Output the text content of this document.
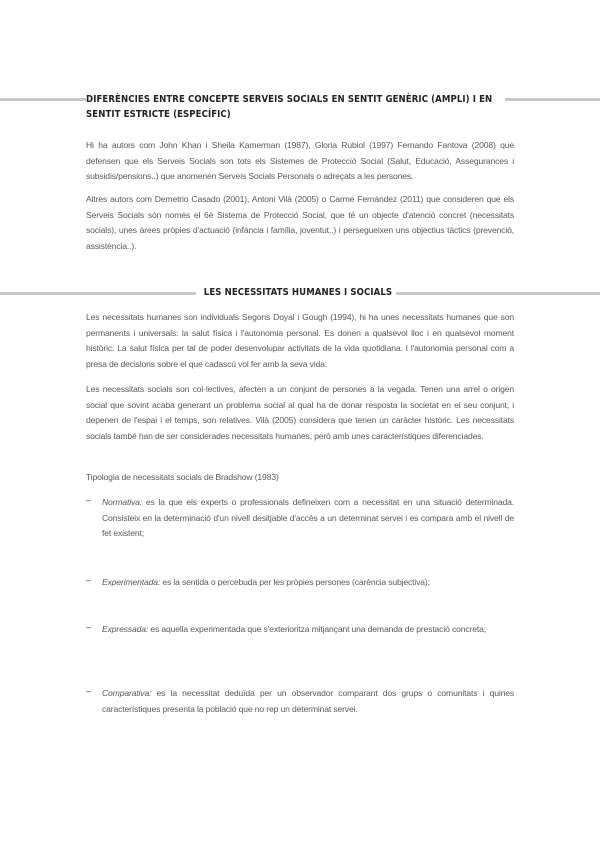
DIFERÈNCIES ENTRE CONCEPTE SERVEIS SOCIALS EN SENTIT GENÈRIC (AMPLI) I EN
SENTIT ESTRICTE (ESPECÍFIC)
Hi ha autors com John Khan i Sheila Kamerman (1987), Gloria Rubiol (1997) Fernando Fantova (2008) que defensen que els Serveis Socials son tots els Sistemes de Protecció Social (Salut, Educació, Assegurances i subsidis/pensions..) que anomenen Serveis Socials Personals o adreçats a les persones.
Altres autors com Demetrio Casado (2001), Antoni Vilà (2005) o Carme Fernández (2011) que consideren que els Serveis Socials són només el 6è Sistema de Protecció Social, que té un objecte d'atenció concret (necessitats socials), unes àrees pròpies d'actuació (infància i família, joventut..) i persegueixen uns objectius tàctics (prevenció, assistència..).
LES NECESSITATS HUMANES I SOCIALS
Les necessitats humanes son individuals Segons Doyal i Gough (1994), hi ha unes necessitats humanes que son permanents i universals: la salut física i l'autonomia personal. Es donen a qualsevol lloc i en qualsevol moment històric. La salut física per tal de poder desenvolupar activitats de la vida quotidiana. I l'autonomia personal com a presa de decisions sobre el que cadascú vol fer amb la seva vida.
Les necessitats socials son col·lectives, afecten a un conjunt de persones a la vegada. Tenen una arrel o origen social que sovint acaba generant un problema social al qual ha de donar resposta la societat en el seu conjunt, i depenen de l'espai i el temps, son relatives. Vilà (2005) considera que tenen un caràcter històric. Les necessitats socials també han de ser considerades necessitats humanes, però amb unes característiques diferenciades.
Tipologia de necessitats socials de Bradshow (1983)
– Normativa: es la que els experts o professionals defineixen com a necessitat en una situació determinada. Consisteix en la determinació d'un nivell desitjable d'accés a un determinat servei i es compara amb el nivell de fet existent;
– Experimentada: es la sentida o percebuda per les pròpies persones (carència subjectiva);
– Expressada: es aquella experimentada que s'exterioritza mitjançant una demanda de prestació concreta;
– Comparativa: es la necessitat deduïda per un observador comparant dos grups o comunitats i quines característiques presenta la població que no rep un determinat servei.
